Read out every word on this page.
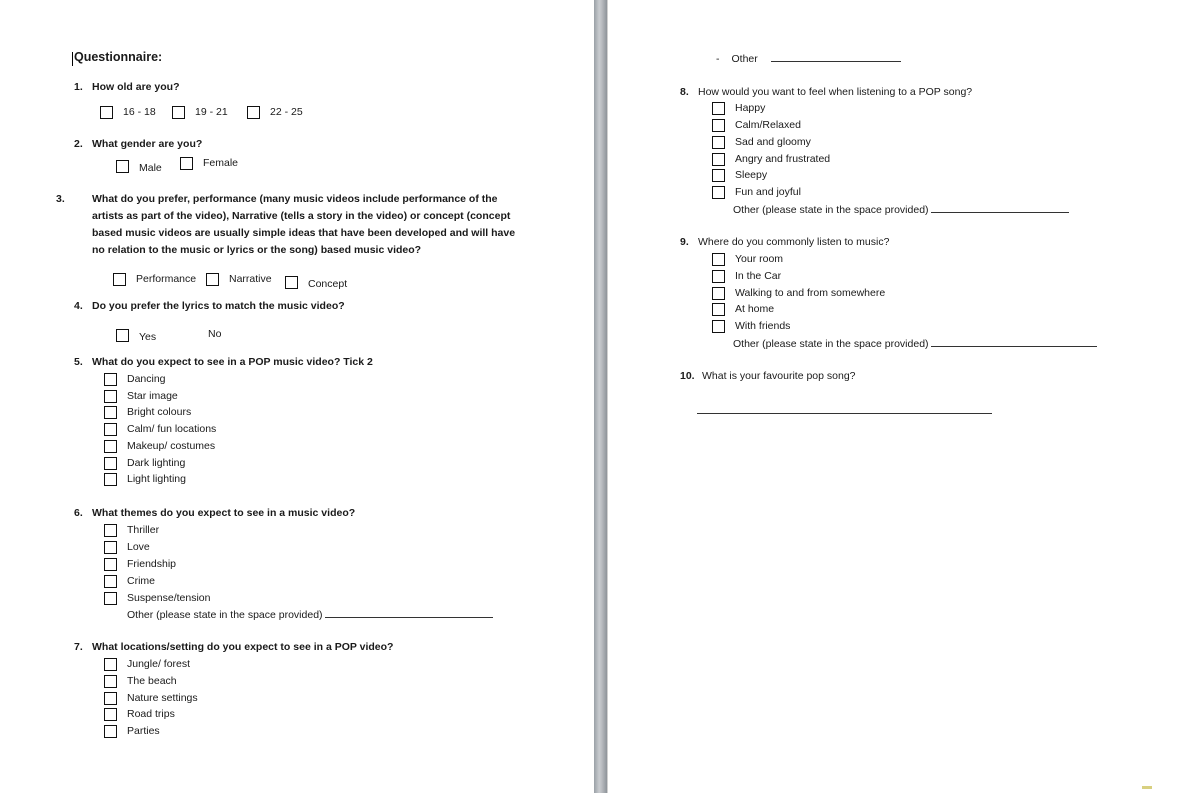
Questionnaire:
1. How old are you?
16 - 18	19 - 21	22 - 25
2. What gender are you?
Male	Female
3.	What do you prefer, performance (many music videos include performance of the artists as part of the video), Narrative (tells a story in the video) or concept (concept based music videos are usually simple ideas that have been developed and will have no relation to the music or lyrics or the song) based music video?
Performance	Narrative	Concept
4. Do you prefer the lyrics to match the music video?
Yes	No
5. What do you expect to see in a POP music video? Tick 2
Dancing
Star image
Bright colours
Calm/ fun locations
Makeup/ costumes
Dark lighting
Light lighting
6. What themes do you expect to see in a music video?
Thriller
Love
Friendship
Crime
Suspense/tension
Other (please state in the space provided)
7. What locations/setting do you expect to see in a POP video?
Jungle/ forest
The beach
Nature settings
Road trips
Parties
- Other
8. How would you want to feel when listening to a POP song?
Happy
Calm/Relaxed
Sad and gloomy
Angry and frustrated
Sleepy
Fun and joyful
Other (please state in the space provided)
9. Where do you commonly listen to music?
Your room
In the Car
Walking to and from somewhere
At home
With friends
Other (please state in the space provided)
10. What is your favourite pop song?
